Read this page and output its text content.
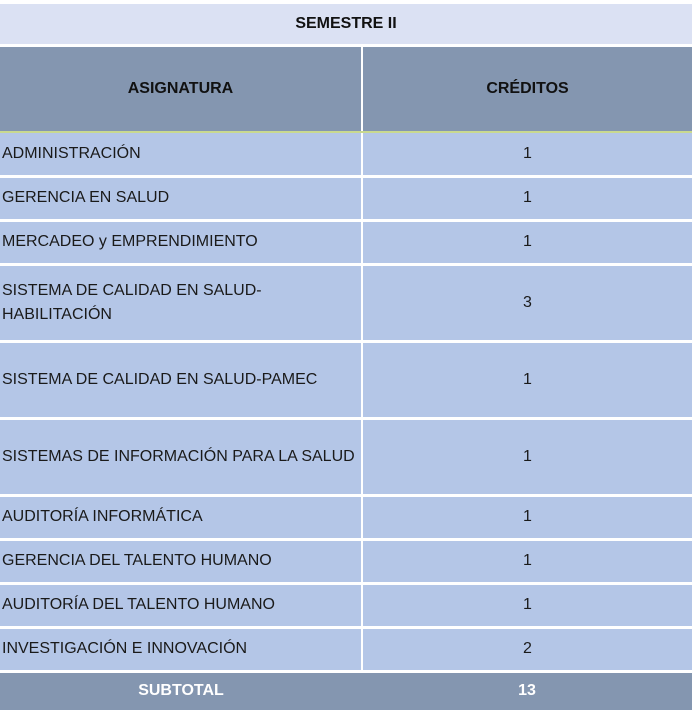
SEMESTRE II	
ASIGNATURA	CRÉDITOS
ADMINISTRACIÓN	1
GERENCIA EN SALUD	1
MERCADEO y EMPRENDIMIENTO	1
SISTEMA DE CALIDAD EN SALUD-HABILITACIÓN	3
SISTEMA DE CALIDAD EN SALUD-PAMEC	1
SISTEMAS DE INFORMACIÓN PARA LA SALUD	1
AUDITORÍA INFORMÁTICA	1
GERENCIA DEL TALENTO HUMANO	1
AUDITORÍA DEL TALENTO HUMANO	1
INVESTIGACIÓN E INNOVACIÓN	2
SUBTOTAL	13
